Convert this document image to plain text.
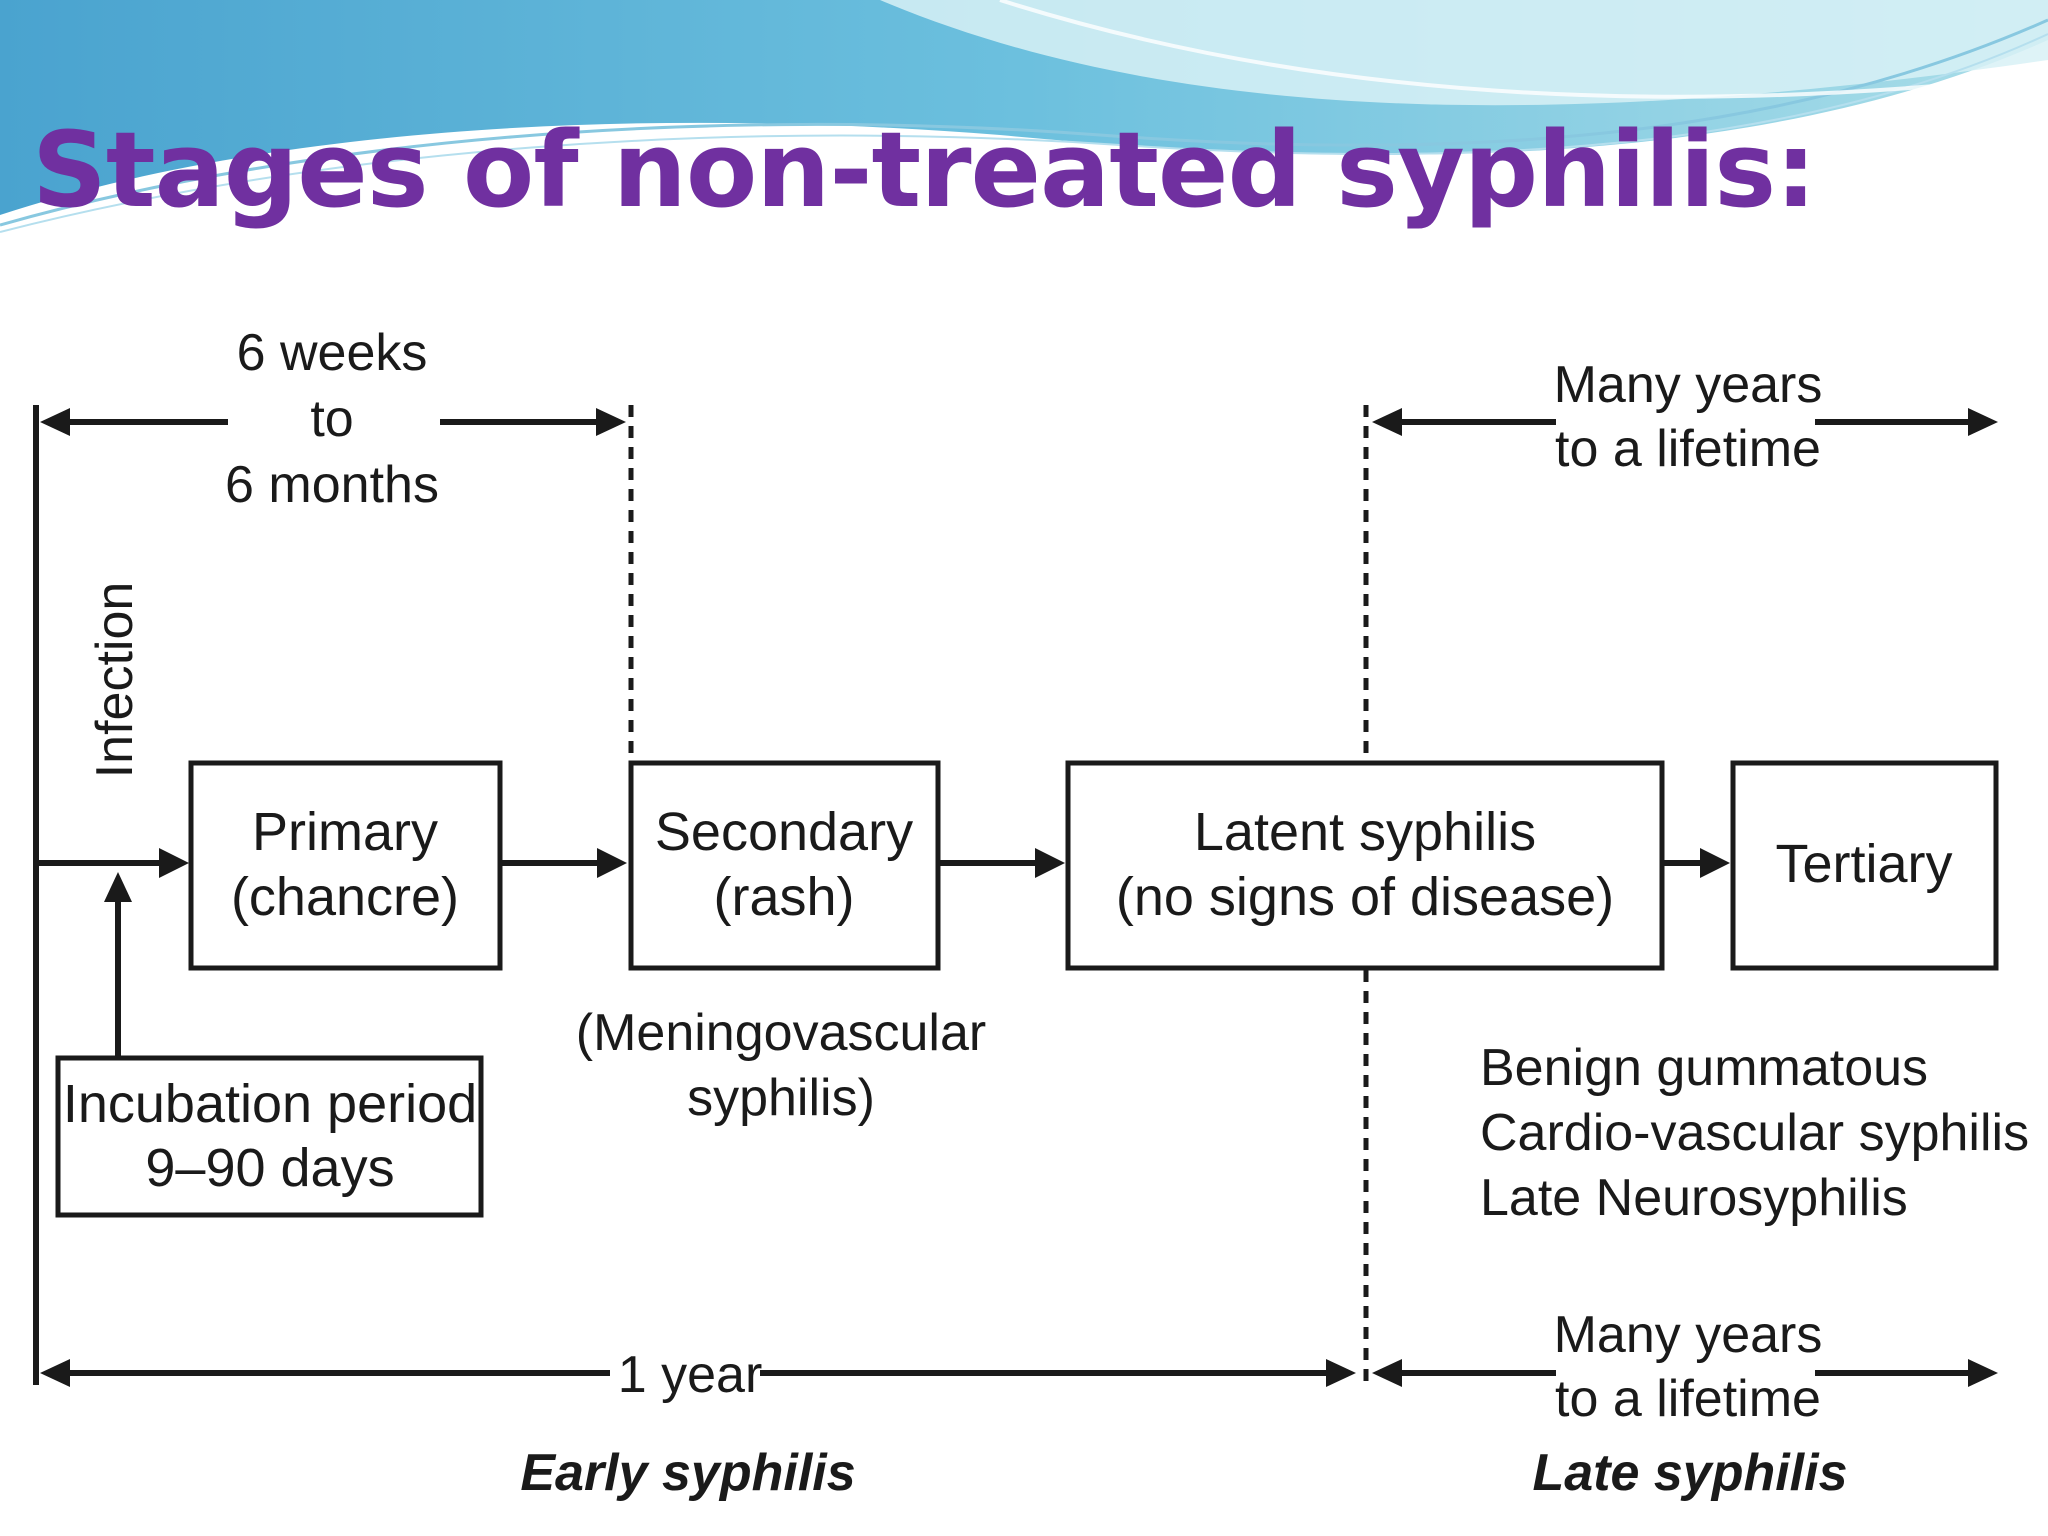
Stages of non-treated syphilis:
Infection
6 weeks
to
6 months
Many years
to a lifetime
Primary
(chancre)
Secondary
(rash)
Latent syphilis
(no signs of disease)
Tertiary
Incubation period
9–90 days
(Meningovascular
syphilis)
Benign gummatous
Cardio-vascular syphilis
Late Neurosyphilis
1 year
Many years
to a lifetime
Early syphilis	Late syphilis
